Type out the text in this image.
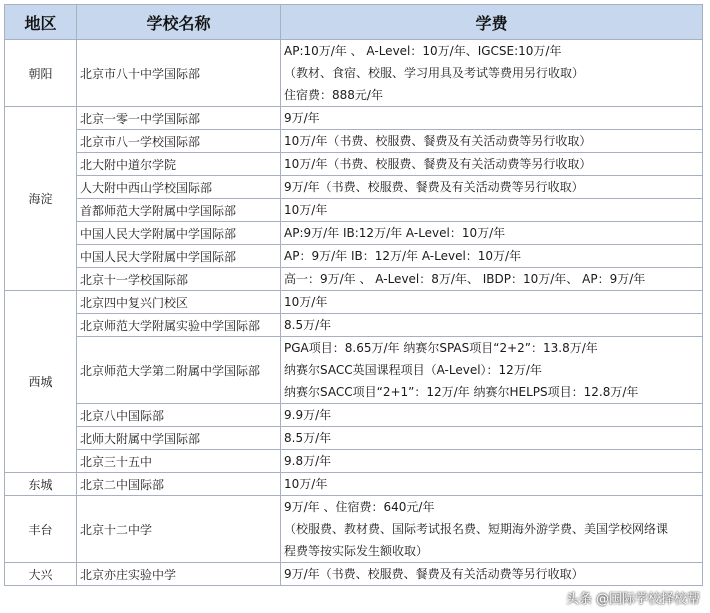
地区	学校名称	学费
朝阳	北京市八十中学国际部	AP:10万/年 、 A-Level：10万/年、IGCSE:10万/年
（教材、食宿、校服、学习用具及考试等费用另行收取）
住宿费：888元/年

海淀	北京一零一中学国际部	9万/年

	北京市八一学校国际部	10万/年（书费、校服费、餐费及有关活动费等另行收取）

	北大附中道尔学院	10万/年（书费、校服费、餐费及有关活动费等另行收取）

	人大附中西山学校国际部	9万/年（书费、校服费、餐费及有关活动费等另行收取）

	首都师范大学附属中学国际部	10万/年

	中国人民大学附属中学国际部	AP:9万/年 IB:12万/年 A-Level：10万/年

	中国人民大学附属中学国际部	AP：9万/年 IB：12万/年 A-Level：10万/年

	北京十一学校国际部	高一：9万/年 、 A-Level：8万/年、 IBDP：10万/年、 AP：9万/年

西城	北京四中复兴门校区	10万/年

	北京师范大学附属实验中学国际部	8.5万/年

	北京师范大学第二附属中学国际部	PGA项目：8.65万/年 纳赛尔SPAS项目“2+2”：13.8万/年
纳赛尔SACC英国课程项目（A-Level）：12万/年
纳赛尔SACC项目“2+1”：12万/年 纳赛尔HELPS项目：12.8万/年

	北京八中国际部	9.9万/年

	北师大附属中学国际部	8.5万/年

	北京三十五中	9.8万/年

东城	北京二中国际部	10万/年

丰台	北京十二中学	9万/年 、住宿费：640元/年
（校服费、教材费、国际考试报名费、短期海外游学费、美国学校网络课
程费等按实际发生额收取）

大兴	北京亦庄实验中学	9万/年（书费、校服费、餐费及有关活动费等另行收取）
头条 @国际学校择校帮
